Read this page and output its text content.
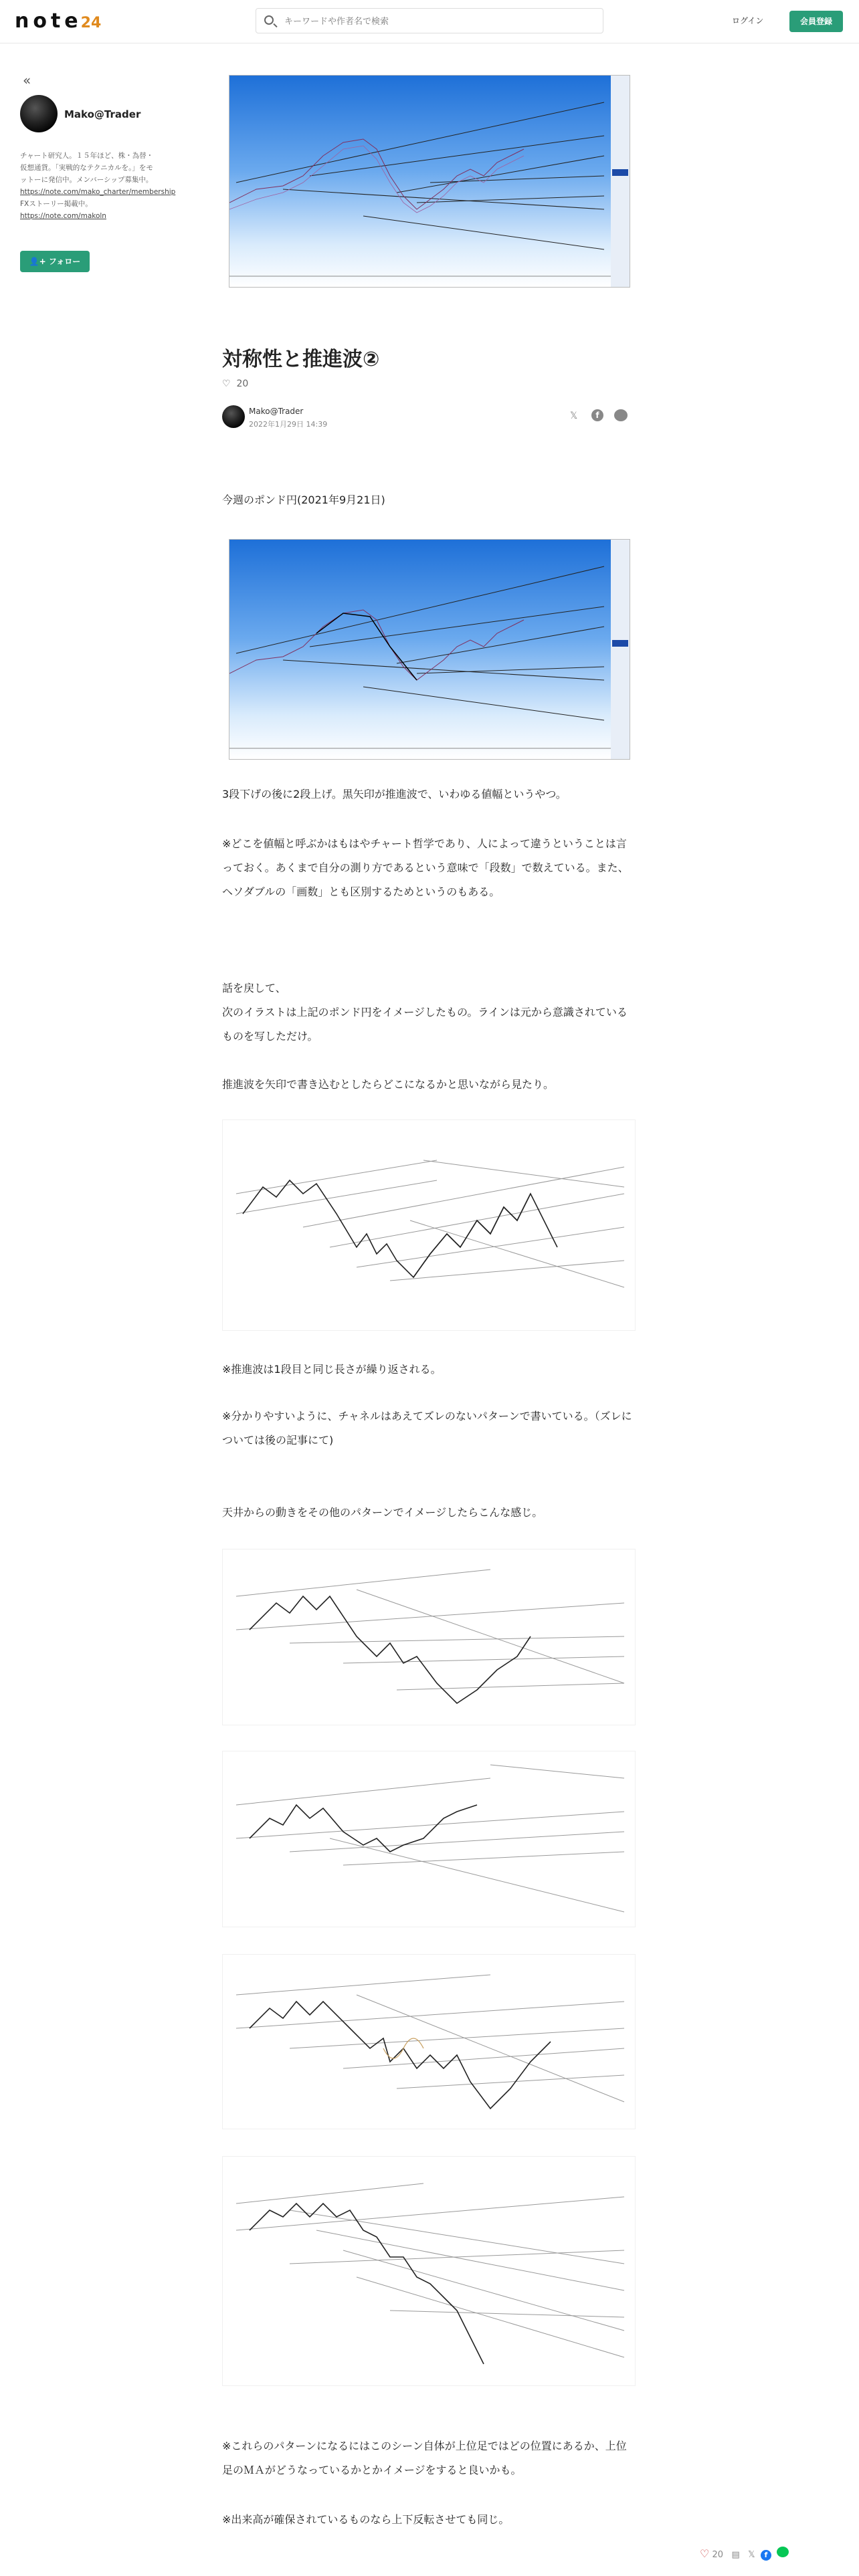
note24
キーワードや作者名で検索	ログイン	会員登録
«
Mako@Trader
チャート研究人。１５年ほど、株・為替・仮想通貨。「実戦的なテクニカルを。」をモットーに発信中。メンバーシップ募集中。 https://note.com/mako_charter/membership FXストーリー掲載中。 https://note.com/makoln
👤+ フォロー
対称性と推進波②
♡ 20
Mako@Trader
2022年1月29日 14:39
𝕏	f
今週のポンド円(2021年9月21日)
3段下げの後に2段上げ。黒矢印が推進波で、いわゆる値幅というやつ。
※どこを値幅と呼ぶかはもはやチャート哲学であり、人によって違うということは言っておく。あくまで自分の測り方であるという意味で「段数」で数えている。また、ヘソダブルの「画数」とも区別するためというのもある。
話を戻して、
次のイラストは上記のポンド円をイメージしたもの。ラインは元から意識されているものを写しただけ。
推進波を矢印で書き込むとしたらどこになるかと思いながら見たり。
※推進波は1段目と同じ長さが繰り返される。
※分かりやすいように、チャネルはあえてズレのないパターンで書いている。（ズレについては後の記事にて)
天井からの動きをその他のパターンでイメージしたらこんな感じ。
※これらのパターンになるにはこのシーン自体が上位足ではどの位置にあるか、上位足のＭＡがどうなっているかとかイメージをすると良いかも。
※出来高が確保されているものなら上下反転させても同じ。
♡ 20 ▤ 𝕏 f
